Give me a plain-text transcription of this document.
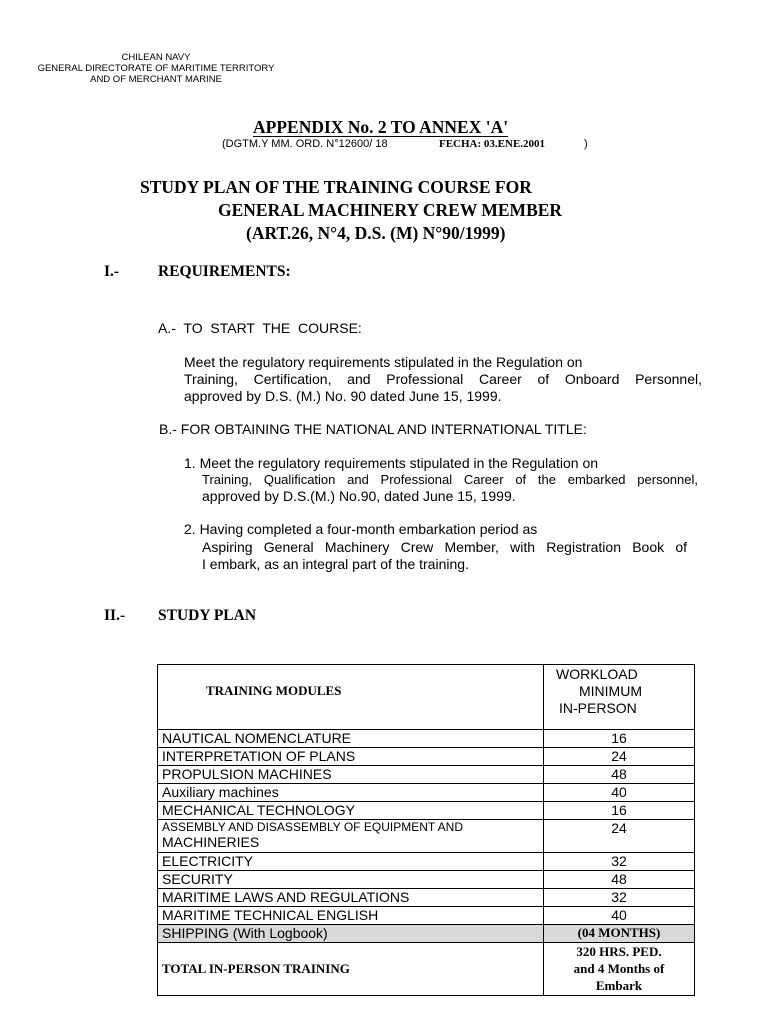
CHILEAN NAVY
GENERAL DIRECTORATE OF MARITIME TERRITORY
AND OF MERCHANT MARINE
APPENDIX No. 2 TO ANNEX 'A'
(DGTM.Y MM. ORD. N°12600/ 18	FECHA: 03.ENE.2001	)
STUDY PLAN OF THE TRAINING COURSE FOR
GENERAL MACHINERY CREW MEMBER
(ART.26, N°4, D.S. (M) N°90/1999)
I.-	REQUIREMENTS:
A.-  TO  START  THE  COURSE:
Meet the regulatory requirements stipulated in the Regulation on
Training, Certification, and Professional Career of Onboard Personnel,
approved by D.S. (M.) No. 90 dated June 15, 1999.
B.- FOR OBTAINING THE NATIONAL AND INTERNATIONAL TITLE:
1. Meet the regulatory requirements stipulated in the Regulation on
Training, Qualification and Professional Career of the embarked personnel,
approved by D.S.(M.) No.90, dated June 15, 1999.
2. Having completed a four-month embarkation period as
Aspiring General Machinery Crew Member, with Registration Book of
I embark, as an integral part of the training.
II.- STUDY PLAN
TRAINING MODULES	WORKLOAD
MINIMUM
IN-PERSON

NAUTICAL NOMENCLATURE	16
INTERPRETATION OF PLANS	24
PROPULSION MACHINES	48
Auxiliary machines	40
MECHANICAL TECHNOLOGY	16

ASSEMBLY AND DISASSEMBLY OF EQUIPMENT AND
MACHINERIES	24
ELECTRICITY	32
SECURITY	48
MARITIME LAWS AND REGULATIONS	32
MARITIME TECHNICAL ENGLISH	40
SHIPPING (With Logbook)	(04 MONTHS)
TOTAL IN-PERSON TRAINING	320 HRS. PED.
and 4 Months of
Embark
